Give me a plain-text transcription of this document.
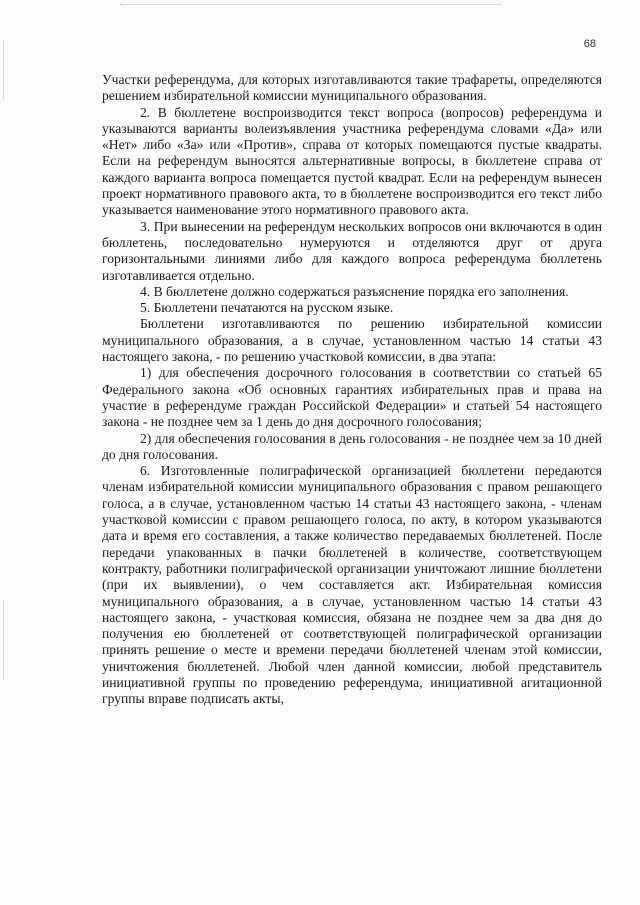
68

Участки референдума, для которых изготавливаются такие трафареты, определяются решением избирательной комиссии муниципального образования.

2. В бюллетене воспроизводится текст вопроса (вопросов) референдума и указываются варианты волеизъявления участника референдума словами «Да» или «Нет» либо «За» или «Против», справа от которых помещаются пустые квадраты. Если на референдум выносятся альтернативные вопросы, в бюллетене справа от каждого варианта вопроса помещается пустой квадрат. Если на референдум вынесен проект нормативного правового акта, то в бюллетене воспроизводится его текст либо указывается наименование этого нормативного правового акта.

3. При вынесении на референдум нескольких вопросов они включаются в один бюллетень, последовательно нумеруются и отделяются друг от друга горизонтальными линиями либо для каждого вопроса референдума бюллетень изготавливается отдельно.

4. В бюллетене должно содержаться разъяснение порядка его заполнения.

5. Бюллетени печатаются на русском языке.

Бюллетени изготавливаются по решению избирательной комиссии муниципального образования, а в случае, установленном частью 14 статьи 43 настоящего закона, - по решению участковой комиссии, в два этапа:

1) для обеспечения досрочного голосования в соответствии со статьей 65 Федерального закона «Об основных гарантиях избирательных прав и права на участие в референдуме граждан Российской Федерации» и статьей 54 настоящего закона - не позднее чем за 1 день до дня досрочного голосования;

2) для обеспечения голосования в день голосования - не позднее чем за 10 дней до дня голосования.

6. Изготовленные полиграфической организацией бюллетени передаются членам избирательной комиссии муниципального образования с правом решающего голоса, а в случае, установленном частью 14 статьи 43 настоящего закона, - членам участковой комиссии с правом решающего голоса, по акту, в котором указываются дата и время его составления, а также количество передаваемых бюллетеней. После передачи упакованных в пачки бюллетеней в количестве, соответствующем контракту, работники полиграфической организации уничтожают лишние бюллетени (при их выявлении), о чем составляется акт. Избирательная комиссия муниципального образования, а в случае, установленном частью 14 статьи 43 настоящего закона, - участковая комиссия, обязана не позднее чем за два дня до получения ею бюллетеней от соответствующей полиграфической организации принять решение о месте и времени передачи бюллетеней членам этой комиссии, уничтожения бюллетеней. Любой член данной комиссии, любой представитель инициативной группы по проведению референдума, инициативной агитационной группы вправе подписать акты,
